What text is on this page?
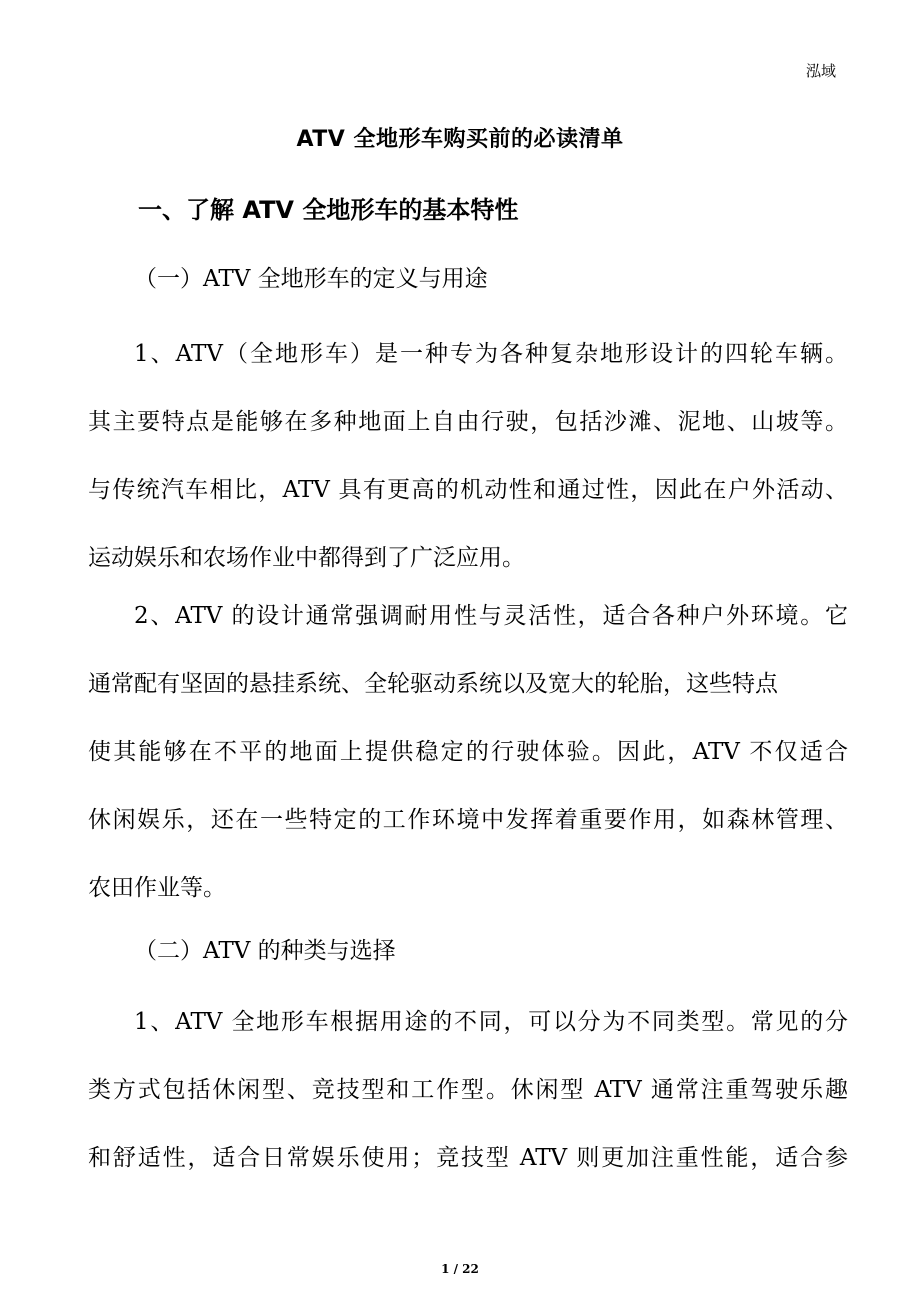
泓域
ATV 全地形车购买前的必读清单
一、了解 ATV 全地形车的基本特性
（一）ATV 全地形车的定义与用途
1、ATV（全地形车）是一种专为各种复杂地形设计的四轮车辆。
其主要特点是能够在多种地面上自由行驶，包括沙滩、泥地、山坡等。
与传统汽车相比，ATV 具有更高的机动性和通过性，因此在户外活动、
运动娱乐和农场作业中都得到了广泛应用。
2、ATV 的设计通常强调耐用性与灵活性，适合各种户外环境。它
通常配有坚固的悬挂系统、全轮驱动系统以及宽大的轮胎，这些特点
使其能够在不平的地面上提供稳定的行驶体验。因此，ATV 不仅适合
休闲娱乐，还在一些特定的工作环境中发挥着重要作用，如森林管理、
农田作业等。
（二）ATV 的种类与选择
1、ATV 全地形车根据用途的不同，可以分为不同类型。常见的分
类方式包括休闲型、竞技型和工作型。休闲型 ATV 通常注重驾驶乐趣
和舒适性，适合日常娱乐使用；竞技型 ATV 则更加注重性能，适合参
1 / 22
